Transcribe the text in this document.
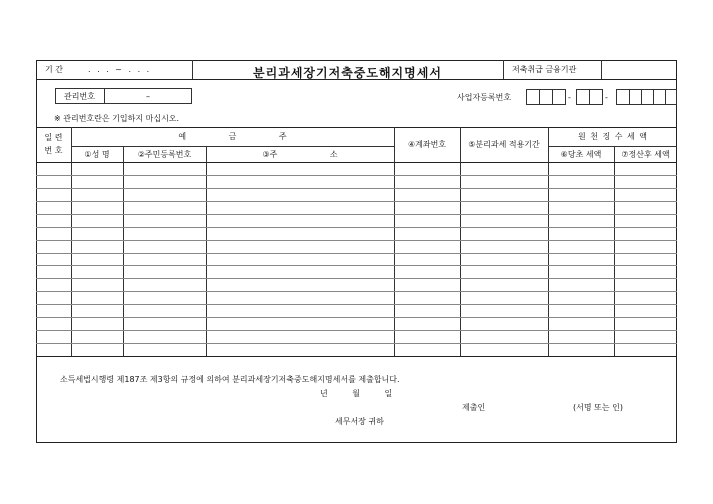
기 간	. . . ~ . . .	분리과세장기저축중도해지명세서	저축취급 금융기관
관리번호	–	사업자등록번호	-	-
※ 관리번호란은 기입하지 마십시오.
일 련
번 호
예 금 주
①성 명	②주민등록번호	③주 소
④계좌번호	⑤분리과세 적용기간
원 천 징 수 세 액
⑥당초 세액	⑦정산후 세액
소득세법시행령 제187조 제3항의 규정에 의하여 분리과세장기저축중도해지명세서를 제출합니다.
년 월 일
제출인	(서명 또는 인)
세무서장 귀하
